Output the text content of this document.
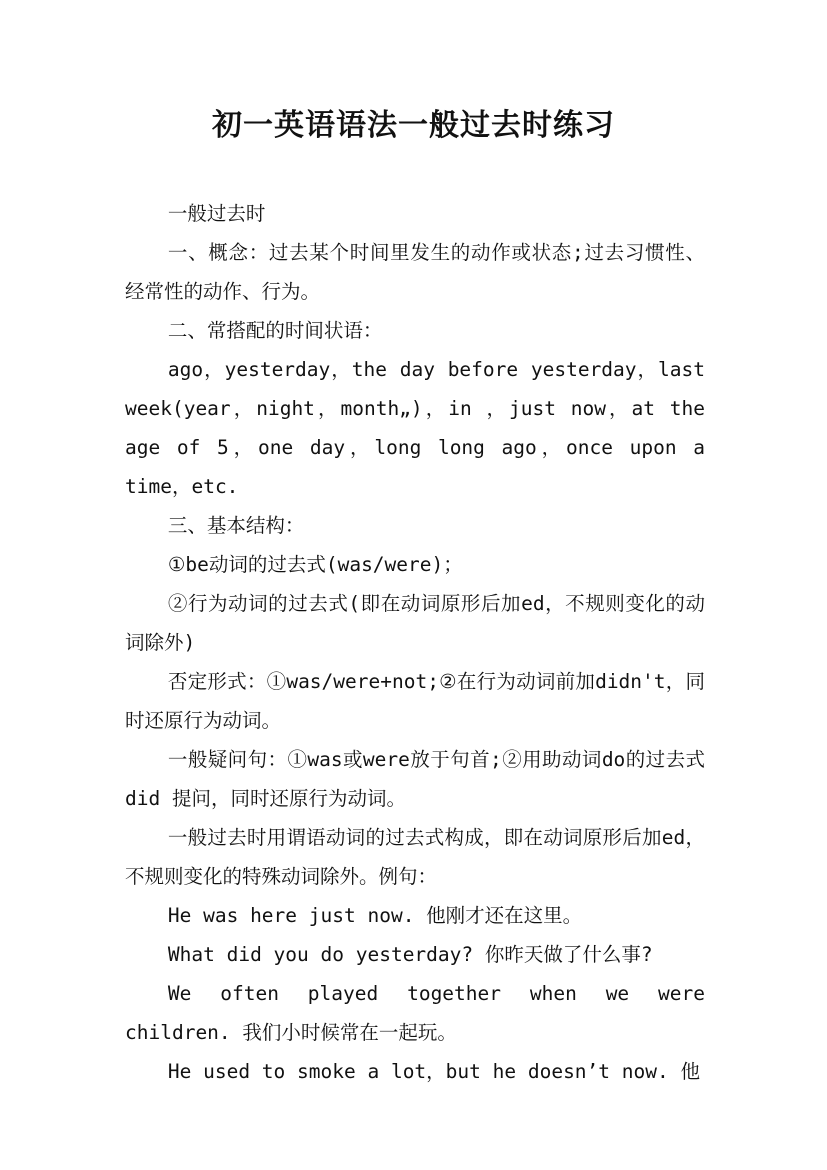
初一英语语法一般过去时练习

一般过去时

一、概念：过去某个时间里发生的动作或状态;过去习惯性、经常性的动作、行为。

二、常搭配的时间状语：

ago，yesterday，the day before yesterday，last week(year，night，month„)，in ，just now，at the age of 5，one day，long long ago，once upon a time，etc.

三、基本结构：

①be动词的过去式(was/were)；

②行为动词的过去式(即在动词原形后加ed，不规则变化的动词除外)

否定形式：①was/were+not;②在行为动词前加didn't，同时还原行为动词。

一般疑问句：①was或were放于句首;②用助动词do的过去式did 提问，同时还原行为动词。

一般过去时用谓语动词的过去式构成，即在动词原形后加ed，不规则变化的特殊动词除外。例句：

He was here just now. 他刚才还在这里。

What did you do yesterday? 你昨天做了什么事?

We often played together when we were children. 我们小时候常在一起玩。

He used to smoke a lot，but he doesn’t now. 他
